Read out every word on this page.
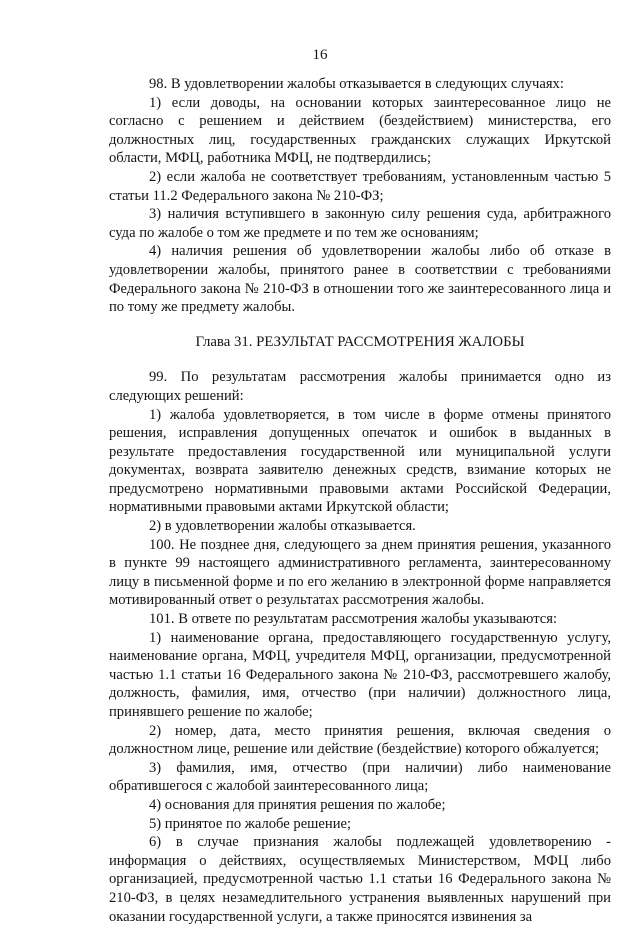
16

98. В удовлетворении жалобы отказывается в следующих случаях:

1) если доводы, на основании которых заинтересованное лицо не согласно с решением и действием (бездействием) министерства, его должностных лиц, государственных гражданских служащих Иркутской области, МФЦ, работника МФЦ, не подтвердились;

2) если жалоба не соответствует требованиям, установленным частью 5 статьи 11.2 Федерального закона № 210-ФЗ;

3) наличия вступившего в законную силу решения суда, арбитражного суда по жалобе о том же предмете и по тем же основаниям;

4) наличия решения об удовлетворении жалобы либо об отказе в удовлетворении жалобы, принятого ранее в соответствии с требованиями Федерального закона № 210-ФЗ в отношении того же заинтересованного лица и по тому же предмету жалобы.

Глава 31. РЕЗУЛЬТАТ РАССМОТРЕНИЯ ЖАЛОБЫ

99. По результатам рассмотрения жалобы принимается одно из следующих решений:

1) жалоба удовлетворяется, в том числе в форме отмены принятого решения, исправления допущенных опечаток и ошибок в выданных в результате предоставления государственной или муниципальной услуги документах, возврата заявителю денежных средств, взимание которых не предусмотрено нормативными правовыми актами Российской Федерации, нормативными правовыми актами Иркутской области;

2) в удовлетворении жалобы отказывается.

100. Не позднее дня, следующего за днем принятия решения, указанного в пункте 99 настоящего административного регламента, заинтересованному лицу в письменной форме и по его желанию в электронной форме направляется мотивированный ответ о результатах рассмотрения жалобы.

101. В ответе по результатам рассмотрения жалобы указываются:

1) наименование органа, предоставляющего государственную услугу, наименование органа, МФЦ, учредителя МФЦ, организации, предусмотренной частью 1.1 статьи 16 Федерального закона № 210-ФЗ, рассмотревшего жалобу, должность, фамилия, имя, отчество (при наличии) должностного лица, принявшего решение по жалобе;

2) номер, дата, место принятия решения, включая сведения о должностном лице, решение или действие (бездействие) которого обжалуется;

3) фамилия, имя, отчество (при наличии) либо наименование обратившегося с жалобой заинтересованного лица;

4) основания для принятия решения по жалобе;

5) принятое по жалобе решение;

6) в случае признания жалобы подлежащей удовлетворению - информация о действиях, осуществляемых Министерством, МФЦ либо организацией, предусмотренной частью 1.1 статьи 16 Федерального закона № 210-ФЗ, в целях незамедлительного устранения выявленных нарушений при оказании государственной услуги, а также приносятся извинения за
